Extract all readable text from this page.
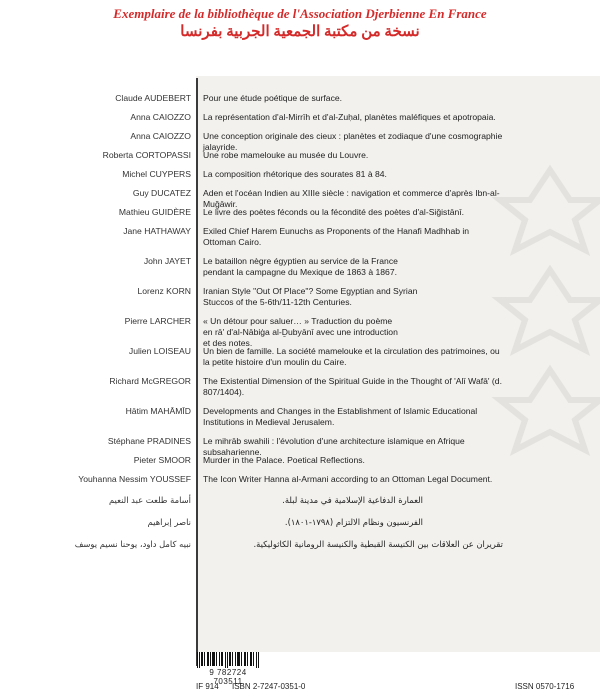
Exemplaire de la bibliothèque de l'Association Djerbienne En France
نسخة من مكتبة الجمعية الجربية بفرنسا
Claude AUDEBERT Pour une étude poétique de surface.
Anna CAIOZZO La représentation d'al-Mirrīh et d'al-Zuḥal, planètes maléfiques et apotropaia.
Anna CAIOZZO Une conception originale des cieux : planètes et zodiaque d'une cosmographie jalayride.
Roberta CORTOPASSI Une robe mamelouke au musée du Louvre.
Michel CUYPERS La composition rhétorique des sourates 81 à 84.
Guy DUCATEZ Aden et l'océan Indien au XIIIe siècle : navigation et commerce d'après Ibn-al-Muǧāwir.
Mathieu GUIDÈRE Le livre des poètes féconds ou la fécondité des poètes d'al-Siǧistānī.
Jane HATHAWAY Exiled Chief Harem Eunuchs as Proponents of the Hanafi Madhhab in Ottoman Cairo.
John JAYET Le bataillon nègre égyptien au service de la France pendant la campagne du Mexique de 1863 à 1867.
Lorenz KORN Iranian Style "Out Of Place"? Some Egyptian and Syrian Stuccos of the 5-6th/11-12th Centuries.
Pierre LARCHER « Un détour pour saluer… » Traduction du poème en rā' d'al-Nābiġa al-Ḏubyānī avec une introduction et des notes.
Julien LOISEAU Un bien de famille. La société mamelouke et la circulation des patrimoines, ou la petite histoire d'un moulin du Caire.
Richard McGREGOR The Existential Dimension of the Spiritual Guide in the Thought of 'Alī Wafā' (d. 807/1404).
Hātim MAHĀMĪD Developments and Changes in the Establishment of Islamic Educational Institutions in Medieval Jerusalem.
Stéphane PRADINES Le mihrāb swahili : l'évolution d'une architecture islamique en Afrique subsaharienne.
Pieter SMOOR Murder in the Palace. Poetical Reflections.
Youhanna Nessim YOUSSEF The Icon Writer Hanna al-Armani according to an Ottoman Legal Document.
أسامة طلعت عبد النعيم	العمارة الدفاعية الإسلامية في مدينة لبلة.
ناصر إبراهيم	الفرنسيون ونظام الالتزام (١٧٩٨-١٨٠١).
نبيه كامل داود، يوحنا نسيم يوسف	تقريران عن العلاقات بين الكنيسة القبطية والكنيسة الرومانية الكاثوليكية.
9 782724 703511
IF 914 ISBN 2-7247-0351-0	ISSN 0570-1716
